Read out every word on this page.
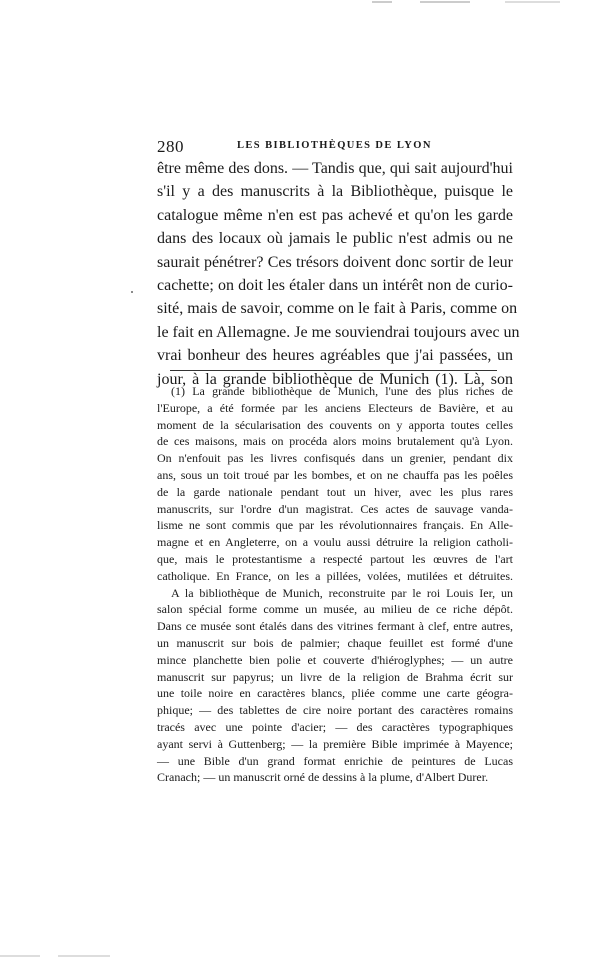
280	LES BIBLIOTHÈQUES DE LYON
être même des dons. — Tandis que, qui sait aujourd'hui
s'il y a des manuscrits à la Bibliothèque, puisque le
catalogue même n'en est pas achevé et qu'on les garde
dans des locaux où jamais le public n'est admis ou ne
saurait pénétrer? Ces trésors doivent donc sortir de leur
cachette; on doit les étaler dans un intérêt non de curio-
sité, mais de savoir, comme on le fait à Paris, comme on
le fait en Allemagne. Je me souviendrai toujours avec un
vrai bonheur des heures agréables que j'ai passées, un
jour, à la grande bibliothèque de Munich (1). Là, son
(1) La grande bibliothèque de Munich, l'une des plus riches de
l'Europe, a été formée par les anciens Electeurs de Bavière, et au
moment de la sécularisation des couvents on y apporta toutes celles
de ces maisons, mais on procéda alors moins brutalement qu'à Lyon.
On n'enfouit pas les livres confisqués dans un grenier, pendant dix
ans, sous un toit troué par les bombes, et on ne chauffa pas les poêles
de la garde nationale pendant tout un hiver, avec les plus rares
manuscrits, sur l'ordre d'un magistrat. Ces actes de sauvage vanda-
lisme ne sont commis que par les révolutionnaires français. En Alle-
magne et en Angleterre, on a voulu aussi détruire la religion catholi-
que, mais le protestantisme a respecté partout les œuvres de l'art
catholique. En France, on les a pillées, volées, mutilées et détruites.
A la bibliothèque de Munich, reconstruite par le roi Louis Ier, un
salon spécial forme comme un musée, au milieu de ce riche dépôt.
Dans ce musée sont étalés dans des vitrines fermant à clef, entre autres,
un manuscrit sur bois de palmier; chaque feuillet est formé d'une
mince planchette bien polie et couverte d'hiéroglyphes; — un autre
manuscrit sur papyrus; un livre de la religion de Brahma écrit sur
une toile noire en caractères blancs, pliée comme une carte géogra-
phique; — des tablettes de cire noire portant des caractères romains
tracés avec une pointe d'acier; — des caractères typographiques
ayant servi à Guttenberg; — la première Bible imprimée à Mayence;
— une Bible d'un grand format enrichie de peintures de Lucas
Cranach; — un manuscrit orné de dessins à la plume, d'Albert Durer.
